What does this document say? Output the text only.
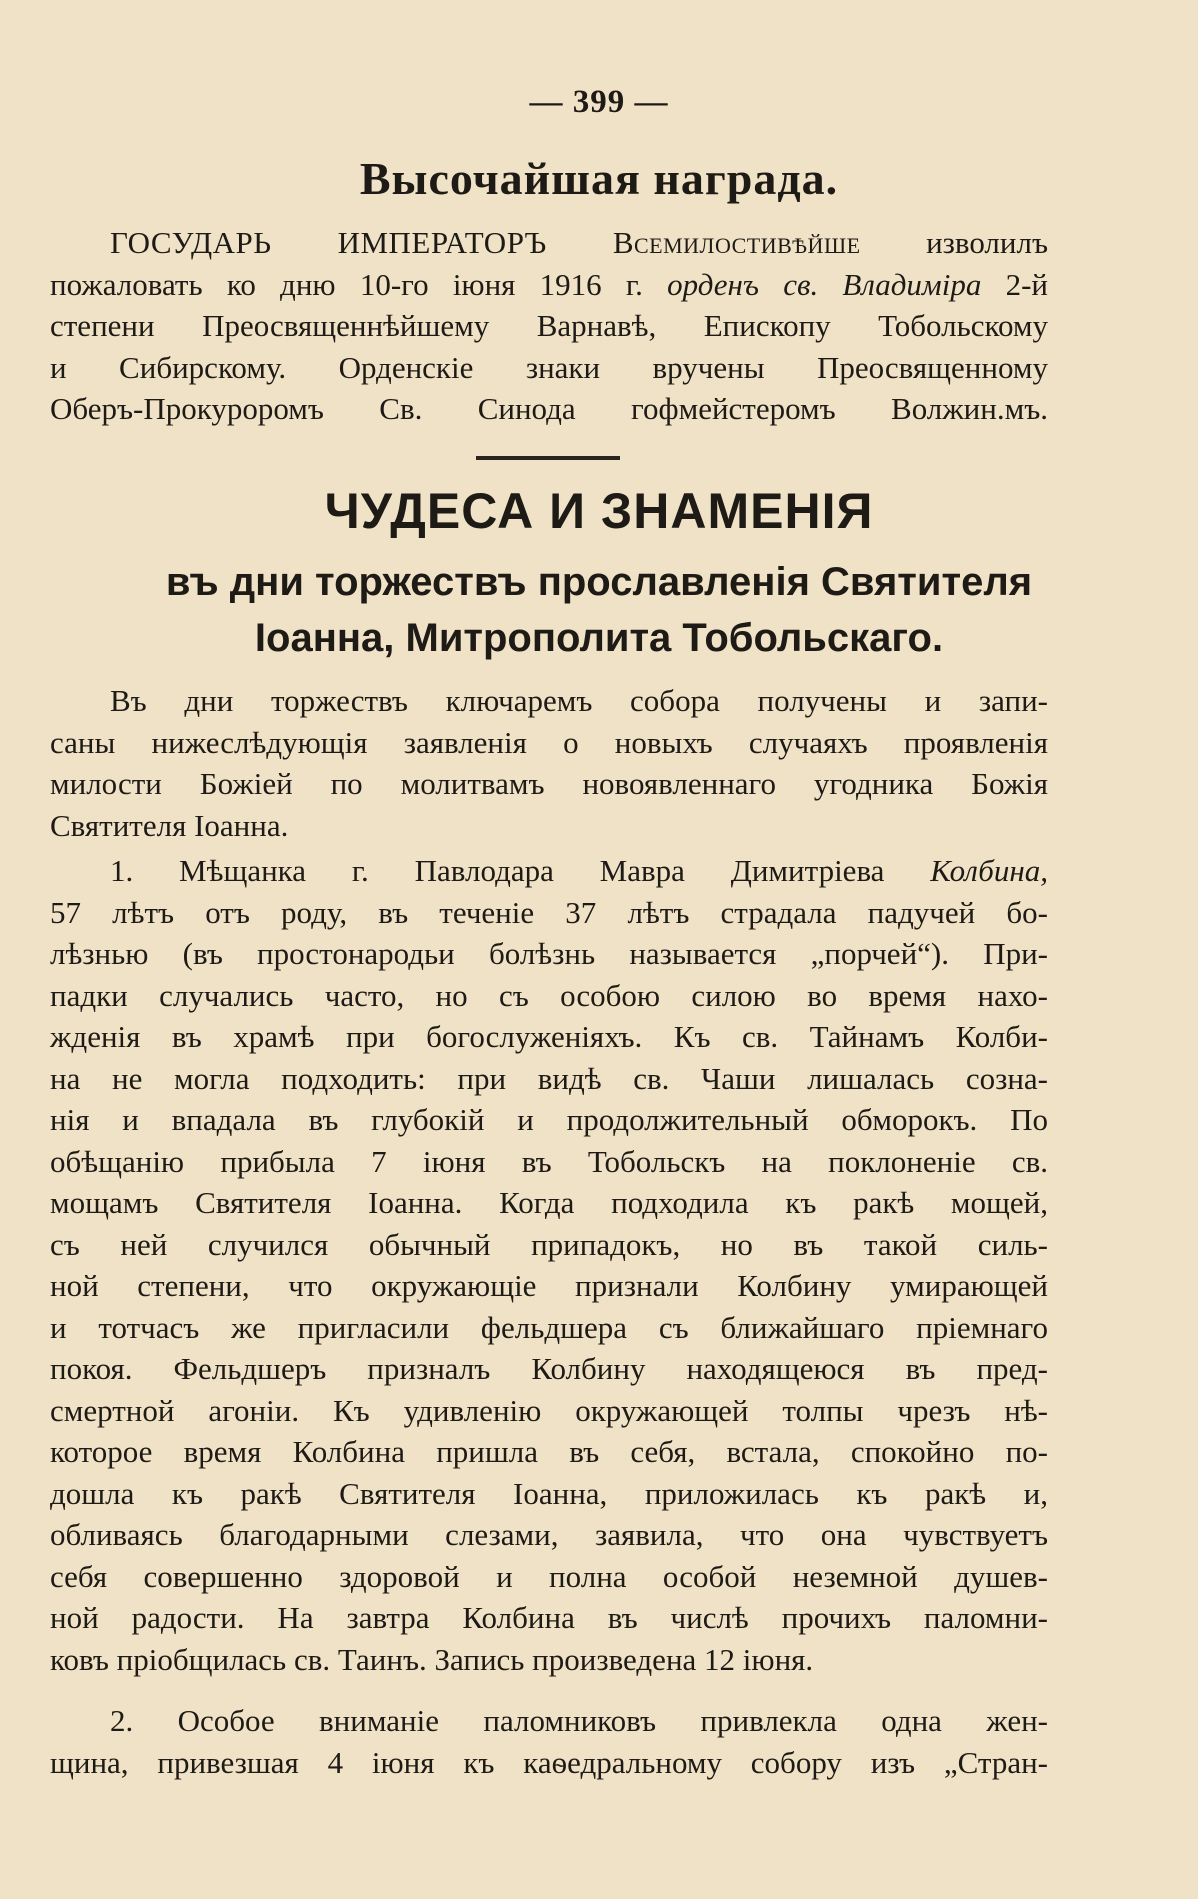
— 399 —
Высочайшая награда.
ГОСУДАРЬ ИМПЕРАТОРЪ Всемилостивѣйше изволилъ
пожаловать ко дню 10-го іюня 1916 г. орденъ св. Владиміра 2-й
степени Преосвященнѣйшему Варнавѣ, Епископу Тобольскому
и Сибирскому. Орденскіе знаки вручены Преосвященному
Оберъ-Прокуроромъ Св. Синода гофмейстеромъ Волжин.мъ.
ЧУДЕСА И ЗНАМЕНІЯ
въ дни торжествъ прославленія Святителя
Іоанна, Митрополита Тобольскаго.
Въ дни торжествъ ключаремъ собора получены и запи-
саны нижеслѣдующія заявленія о новыхъ случаяхъ проявленія
милости Божіей по молитвамъ новоявленнаго угодника Божія
Святителя Іоанна.
1. Мѣщанка г. Павлодара Мавра Димитріева Колбина,
57 лѣтъ отъ роду, въ теченіе 37 лѣтъ страдала падучей бо-
лѣзнью (въ простонародьи болѣзнь называется „порчей“). При-
падки случались часто, но съ особою силою во время нахо-
жденія въ храмѣ при богослуженіяхъ. Къ св. Тайнамъ Колби-
на не могла подходить: при видѣ св. Чаши лишалась созна-
нія и впадала въ глубокій и продолжительный обморокъ. По
обѣщанію прибыла 7 іюня въ Тобольскъ на поклоненіе св.
мощамъ Святителя Іоанна. Когда подходила къ ракѣ мощей,
съ ней случился обычный припадокъ, но въ такой силь-
ной степени, что окружающіе признали Колбину умирающей
и тотчасъ же пригласили фельдшера съ ближайшаго пріемнаго
покоя. Фельдшеръ призналъ Колбину находящеюся въ пред-
смертной агоніи. Къ удивленію окружающей толпы чрезъ нѣ-
которое время Колбина пришла въ себя, встала, спокойно по-
дошла къ ракѣ Святителя Іоанна, приложилась къ ракѣ и,
обливаясь благодарными слезами, заявила, что она чувствуетъ
себя совершенно здоровой и полна особой неземной душев-
ной радости. На завтра Колбина въ числѣ прочихъ паломни-
ковъ пріобщилась св. Таинъ. Запись произведена 12 іюня.
2. Особое вниманіе паломниковъ привлекла одна жен-
щина, привезшая 4 іюня къ каѳедральному собору изъ „Стран-
